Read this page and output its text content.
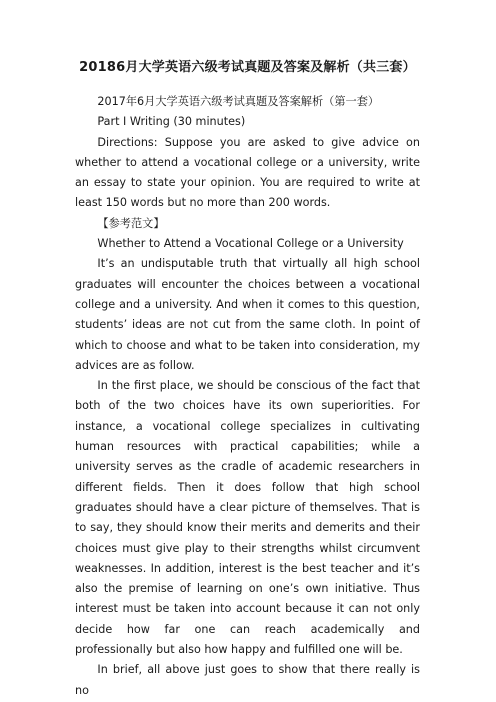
20186月大学英语六级考试真题及答案及解析（共三套）

2017年6月大学英语六级考试真题及答案解析（第一套）

Part I Writing (30 minutes)

Directions: Suppose you are asked to give advice on whether to attend a vocational college or a university, write an essay to state your opinion. You are required to write at least 150 words but no more than 200 words.

【参考范文】

Whether to Attend a Vocational College or a University

It’s an undisputable truth that virtually all high school graduates will encounter the choices between a vocational college and a university. And when it comes to this question, students’ ideas are not cut from the same cloth. In point of which to choose and what to be taken into consideration, my advices are as follow.

In the first place, we should be conscious of the fact that both of the two choices have its own superiorities. For instance, a vocational college specializes in cultivating human resources with practical capabilities; while a university serves as the cradle of academic researchers in different fields. Then it does follow that high school graduates should have a clear picture of themselves. That is to say, they should know their merits and demerits and their choices must give play to their strengths whilst circumvent weaknesses. In addition, interest is the best teacher and it’s also the premise of learning on one’s own initiative. Thus interest must be taken into account because it can not only decide how far one can reach academically and professionally but also how happy and fulfilled one will be.

In brief, all above just goes to show that there really is no
